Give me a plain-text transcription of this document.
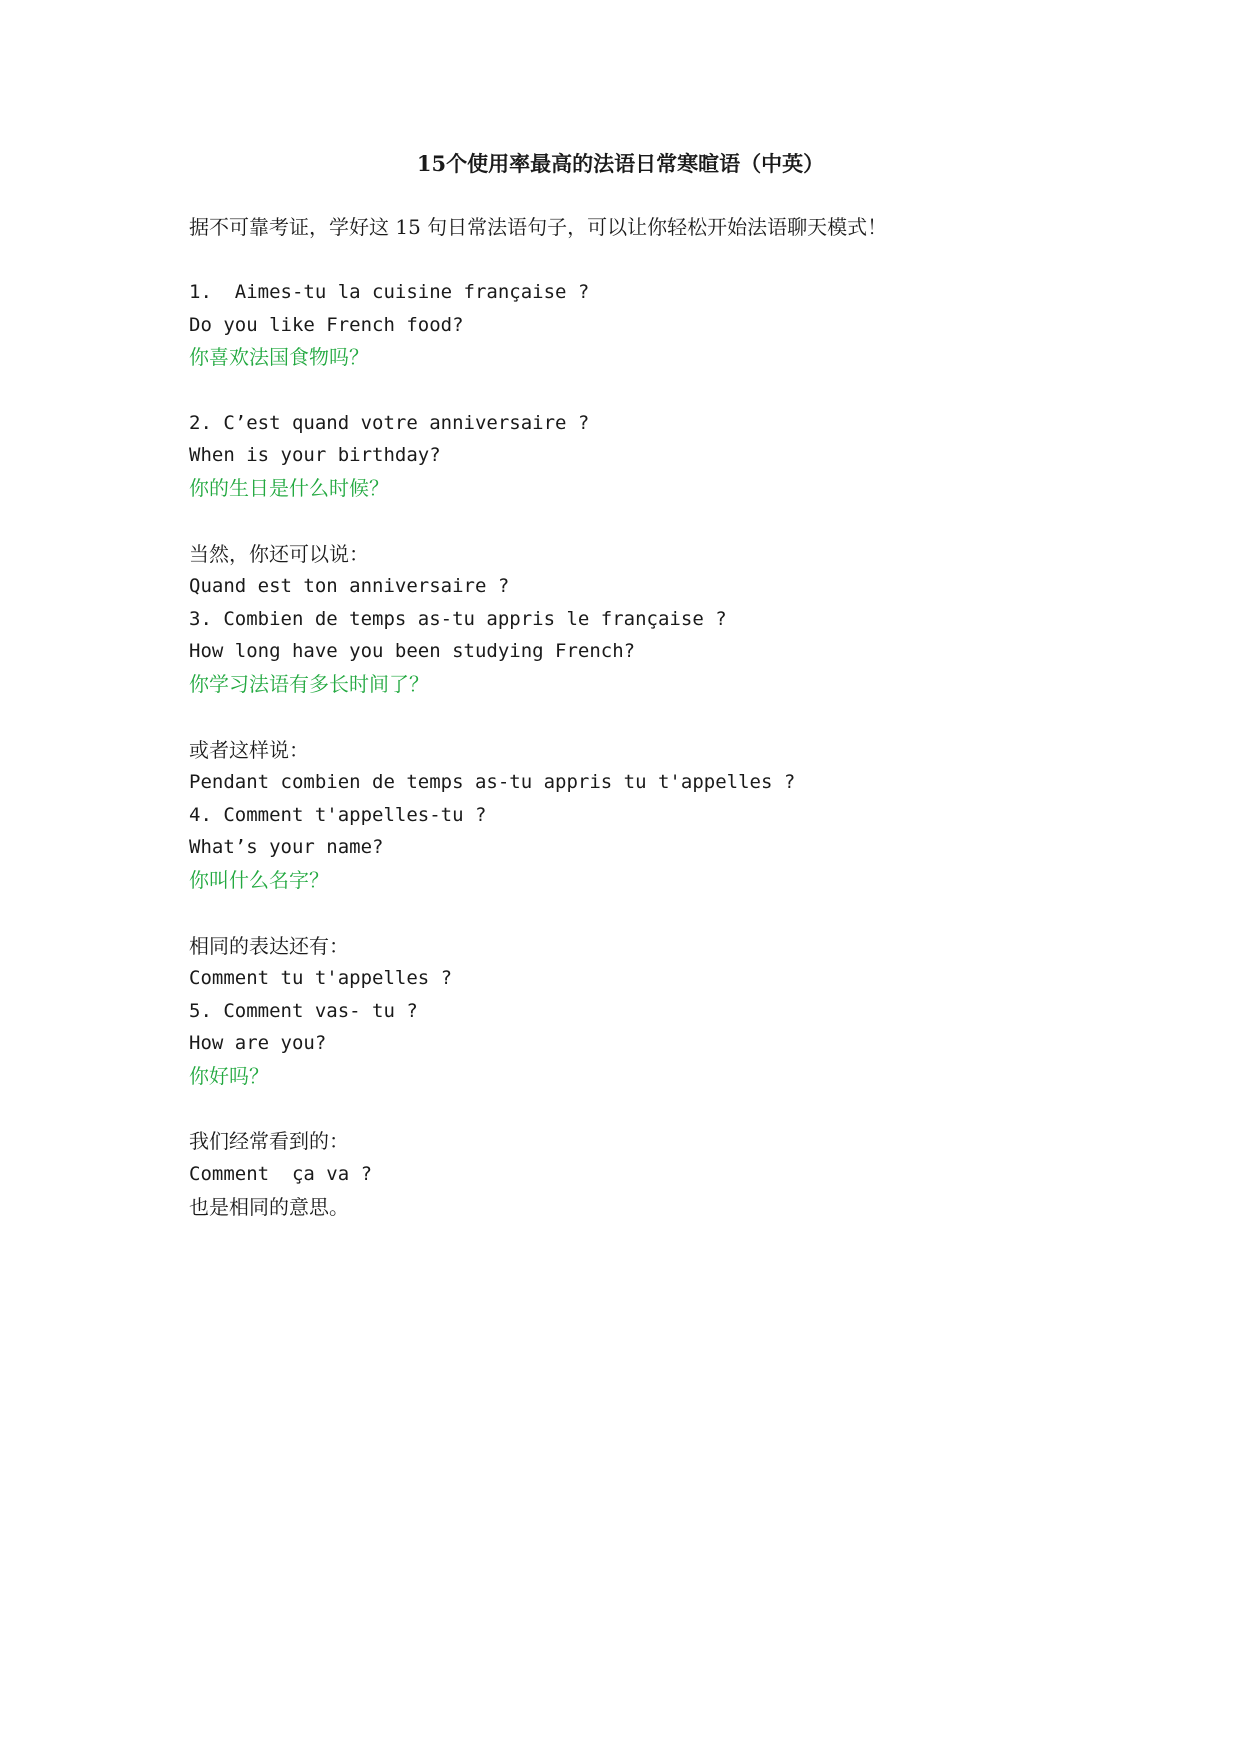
15个使用率最高的法语日常寒暄语（中英）
据不可靠考证，学好这 15 句日常法语句子，可以让你轻松开始法语聊天模式！
1.  Aimes-tu la cuisine française ?
Do you like French food?
你喜欢法国食物吗？
2. C’est quand votre anniversaire ?
When is your birthday?
你的生日是什么时候？
当然，你还可以说：
Quand est ton anniversaire ?
3. Combien de temps as-tu appris le française ?
How long have you been studying French?
你学习法语有多长时间了？
或者这样说：
Pendant combien de temps as-tu appris tu t'appelles ?
4. Comment t'appelles-tu ?
What’s your name?
你叫什么名字？
相同的表达还有：
Comment tu t'appelles ?
5. Comment vas- tu ?
How are you?
你好吗？
我们经常看到的：
Comment  ça va ?
也是相同的意思。
